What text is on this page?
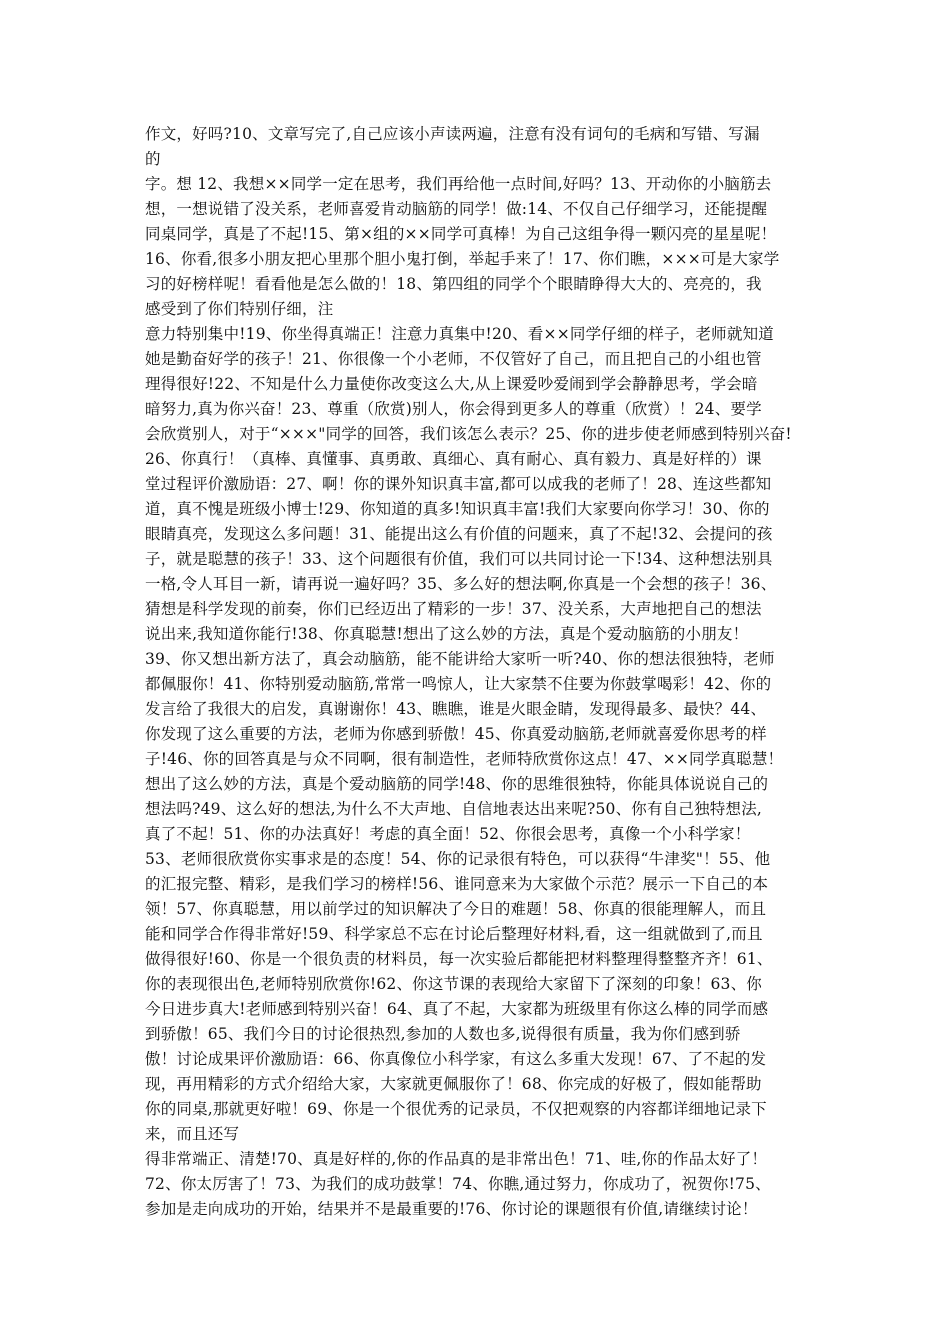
作文，好吗?10、文章写完了,自己应该小声读两遍，注意有没有词句的毛病和写错、写漏
的
字。想 12、我想××同学一定在思考，我们再给他一点时间,好吗？13、开动你的小脑筋去
想，一想说错了没关系，老师喜爱肯动脑筋的同学！做:14、不仅自己仔细学习，还能提醒
同桌同学，真是了不起!15、第×组的××同学可真棒！为自己这组争得一颗闪亮的星星呢！
16、你看,很多小朋友把心里那个胆小鬼打倒，举起手来了！17、你们瞧，×××可是大家学
习的好榜样呢！看看他是怎么做的！18、第四组的同学个个眼睛睁得大大的、亮亮的，我
感受到了你们特别仔细，注
意力特别集中!19、你坐得真端正！注意力真集中!20、看××同学仔细的样子，老师就知道
她是勤奋好学的孩子！21、你很像一个小老师，不仅管好了自己，而且把自己的小组也管
理得很好!22、不知是什么力量使你改变这么大,从上课爱吵爱闹到学会静静思考，学会暗
暗努力,真为你兴奋！23、尊重（欣赏)别人，你会得到更多人的尊重（欣赏）！24、要学
会欣赏别人，对于“×××"同学的回答，我们该怎么表示？25、你的进步使老师感到特别兴奋!
26、你真行！（真棒、真懂事、真勇敢、真细心、真有耐心、真有毅力、真是好样的）课
堂过程评价激励语：27、啊！你的课外知识真丰富,都可以成我的老师了！28、连这些都知
道，真不愧是班级小博士!29、你知道的真多!知识真丰富!我们大家要向你学习！30、你的
眼睛真亮，发现这么多问题！31、能提出这么有价值的问题来，真了不起!32、会提问的孩
子，就是聪慧的孩子！33、这个问题很有价值，我们可以共同讨论一下!34、这种想法别具
一格,令人耳目一新，请再说一遍好吗？35、多么好的想法啊,你真是一个会想的孩子！36、
猜想是科学发现的前奏，你们已经迈出了精彩的一步！37、没关系，大声地把自己的想法
说出来,我知道你能行!38、你真聪慧!想出了这么妙的方法，真是个爱动脑筋的小朋友！
39、你又想出新方法了，真会动脑筋，能不能讲给大家听一听?40、你的想法很独特，老师
都佩服你！41、你特别爱动脑筋,常常一鸣惊人，让大家禁不住要为你鼓掌喝彩！42、你的
发言给了我很大的启发，真谢谢你！43、瞧瞧，谁是火眼金睛，发现得最多、最快？44、
你发现了这么重要的方法，老师为你感到骄傲！45、你真爱动脑筋,老师就喜爱你思考的样
子!46、你的回答真是与众不同啊，很有制造性，老师特欣赏你这点！47、××同学真聪慧！
想出了这么妙的方法，真是个爱动脑筋的同学!48、你的思维很独特，你能具体说说自己的
想法吗?49、这么好的想法,为什么不大声地、自信地表达出来呢?50、你有自己独特想法,
真了不起！51、你的办法真好！考虑的真全面！52、你很会思考，真像一个小科学家！
53、老师很欣赏你实事求是的态度！54、你的记录很有特色，可以获得“牛津奖"！55、他
的汇报完整、精彩，是我们学习的榜样!56、谁同意来为大家做个示范？展示一下自己的本
领！57、你真聪慧，用以前学过的知识解决了今日的难题！58、你真的很能理解人，而且
能和同学合作得非常好!59、科学家总不忘在讨论后整理好材料,看，这一组就做到了,而且
做得很好!60、你是一个很负责的材料员，每一次实验后都能把材料整理得整整齐齐！61、
你的表现很出色,老师特别欣赏你!62、你这节课的表现给大家留下了深刻的印象！63、你
今日进步真大!老师感到特别兴奋！64、真了不起，大家都为班级里有你这么棒的同学而感
到骄傲！65、我们今日的讨论很热烈,参加的人数也多,说得很有质量，我为你们感到骄
傲！讨论成果评价激励语：66、你真像位小科学家，有这么多重大发现！67、了不起的发
现，再用精彩的方式介绍给大家，大家就更佩服你了！68、你完成的好极了，假如能帮助
你的同桌,那就更好啦！69、你是一个很优秀的记录员，不仅把观察的内容都详细地记录下
来，而且还写
得非常端正、清楚!70、真是好样的,你的作品真的是非常出色！71、哇,你的作品太好了！
72、你太厉害了！73、为我们的成功鼓掌！74、你瞧,通过努力，你成功了，祝贺你!75、
参加是走向成功的开始，结果并不是最重要的!76、你讨论的课题很有价值,请继续讨论！
